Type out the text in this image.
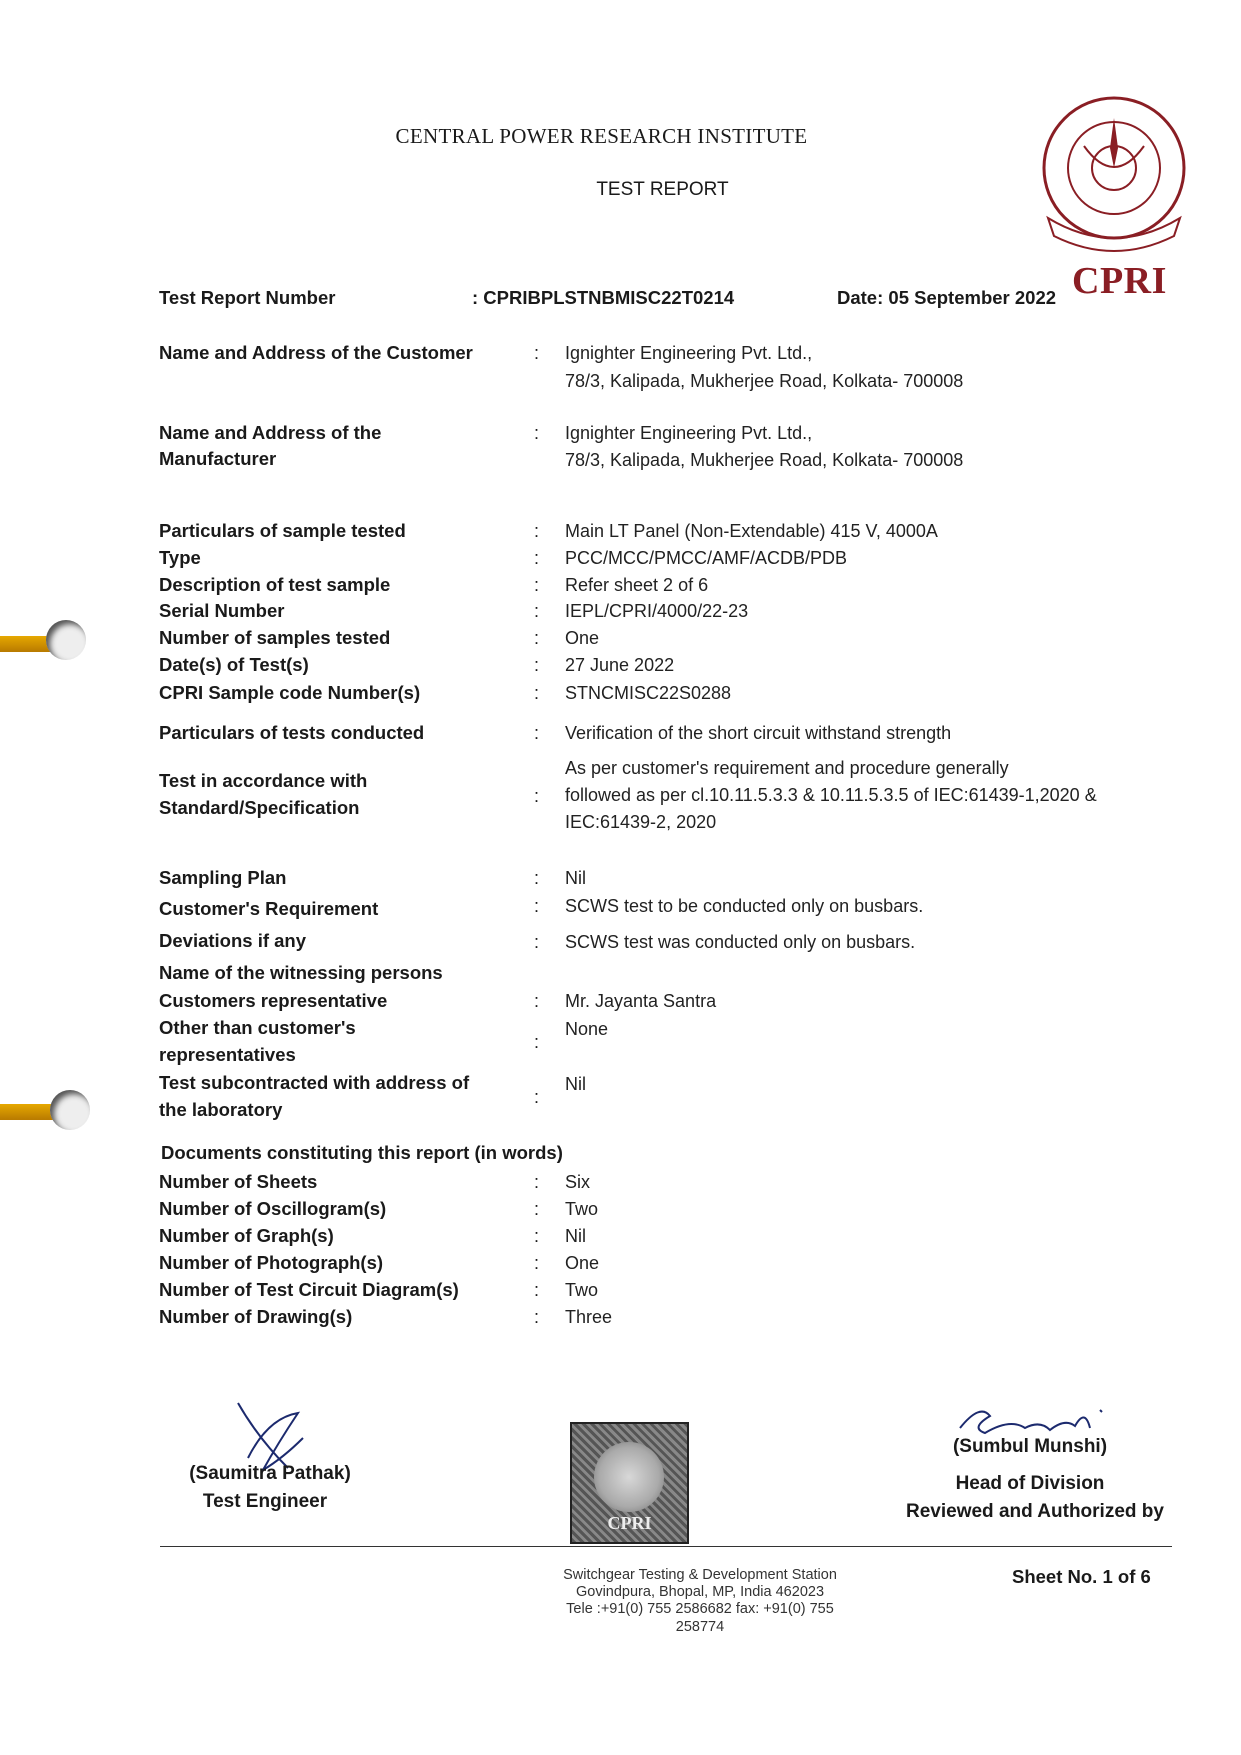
CENTRAL POWER RESEARCH INSTITUTE
TEST REPORT
CPRI
Test Report Number	: CPRIBPLSTNBMISC22T0214	Date: 05 September 2022
Name and Address of the Customer	: Ignighter Engineering Pvt. Ltd.,
78/3, Kalipada, Mukherjee Road, Kolkata- 700008
Name and Address of the
Manufacturer
: Ignighter Engineering Pvt. Ltd.,
78/3, Kalipada, Mukherjee Road, Kolkata- 700008
Particulars of sample tested	: Main LT Panel (Non-Extendable) 415 V, 4000A
Type	: PCC/MCC/PMCC/AMF/ACDB/PDB
Description of test sample	: Refer sheet 2 of 6
Serial Number	: IEPL/CPRI/4000/22-23
Number of samples tested	: One
Date(s) of Test(s)	: 27 June 2022
CPRI Sample code Number(s)	: STNCMISC22S0288
Particulars of tests conducted	: Verification of the short circuit withstand strength
Test in accordance with
Standard/Specification
:
As per customer's requirement and procedure generally
followed as per cl.10.11.5.3.3 & 10.11.5.3.5 of IEC:61439-1,2020 &
IEC:61439-2, 2020
Sampling Plan	: Nil
Customer's Requirement	: SCWS test to be conducted only on busbars.
Deviations if any	: SCWS test was conducted only on busbars.
Name of the witnessing persons
Customers representative	: Mr. Jayanta Santra
Other than customer's
representatives
:
None
Test subcontracted with address of
the laboratory
:
Nil
Documents constituting this report (in words)
Number of Sheets	: Six
Number of Oscillogram(s)	: Two
Number of Graph(s)	: Nil
Number of Photograph(s)	: One
Number of Test Circuit Diagram(s)	: Two
Number of Drawing(s)	: Three
(Saumitra Pathak)
Test Engineer
CPRI
(Sumbul Munshi)
Head of Division
Reviewed and Authorized by
Switchgear Testing & Development Station
Govindpura, Bhopal, MP, India 462023
Tele :+91(0) 755 2586682 fax: +91(0) 755 258774
Sheet No. 1 of 6
